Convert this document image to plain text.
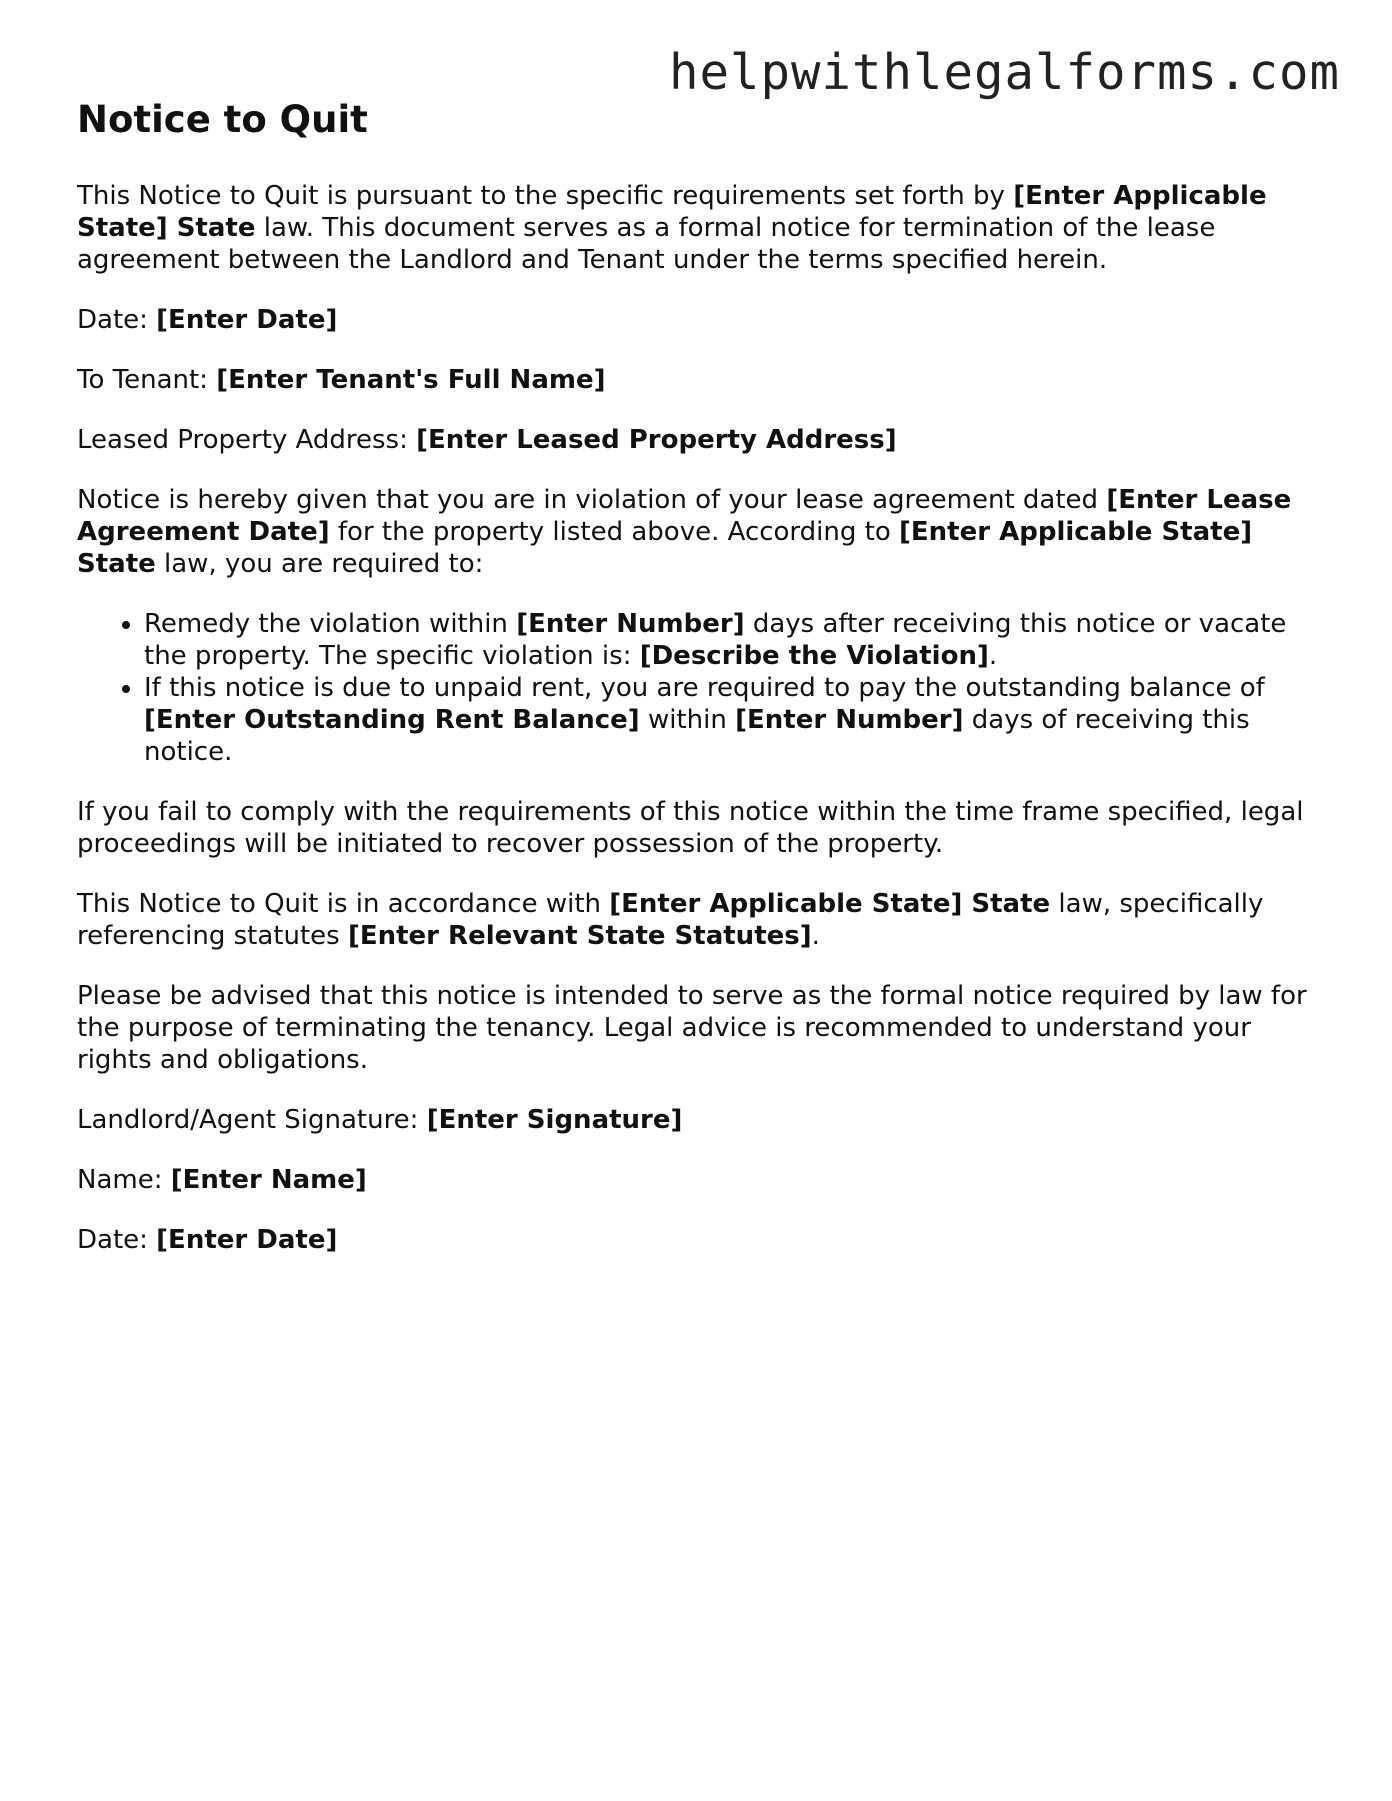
helpwithlegalforms.com
Notice to Quit

This Notice to Quit is pursuant to the specific requirements set forth by [Enter Applicable State] State law. This document serves as a formal notice for termination of the lease agreement between the Landlord and Tenant under the terms specified herein.

Date: [Enter Date]

To Tenant: [Enter Tenant's Full Name]

Leased Property Address: [Enter Leased Property Address]

Notice is hereby given that you are in violation of your lease agreement dated [Enter Lease Agreement Date] for the property listed above. According to [Enter Applicable State] State law, you are required to:

• Remedy the violation within [Enter Number] days after receiving this notice or vacate the property. The specific violation is: [Describe the Violation].
• If this notice is due to unpaid rent, you are required to pay the outstanding balance of [Enter Outstanding Rent Balance] within [Enter Number] days of receiving this notice.

If you fail to comply with the requirements of this notice within the time frame specified, legal proceedings will be initiated to recover possession of the property.

This Notice to Quit is in accordance with [Enter Applicable State] State law, specifically referencing statutes [Enter Relevant State Statutes].

Please be advised that this notice is intended to serve as the formal notice required by law for the purpose of terminating the tenancy. Legal advice is recommended to understand your rights and obligations.

Landlord/Agent Signature: [Enter Signature]

Name: [Enter Name]

Date: [Enter Date]
